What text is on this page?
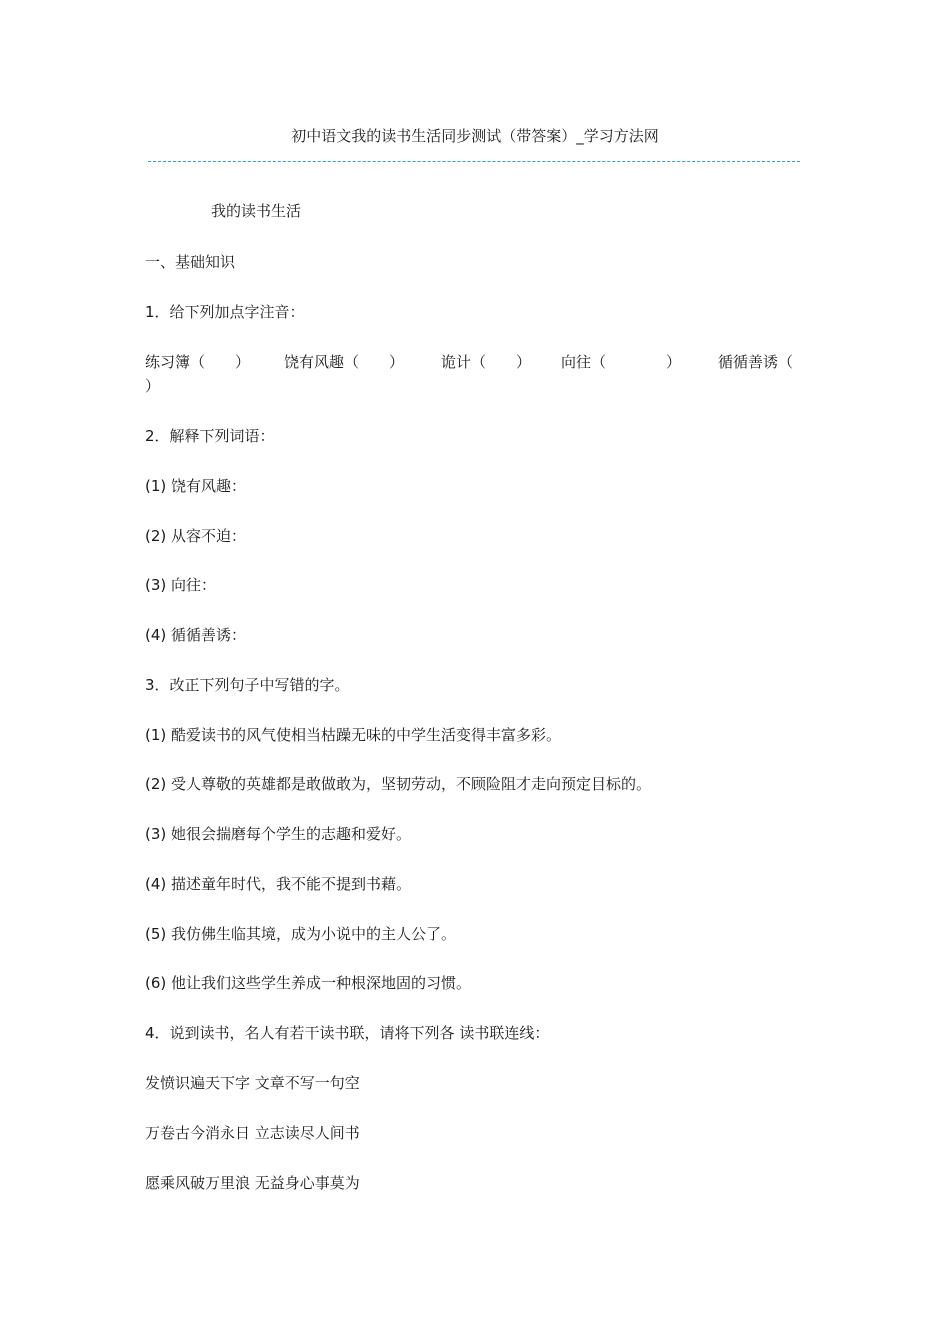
初中语文我的读书生活同步测试（带答案）_学习方法网
我的读书生活
一、基础知识
1．给下列加点字注音：
练习簿（　　） 饶有风趣（　　） 诡计（　　） 向往（　　　　） 循循善诱（
）
2．解释下列词语：
(1) 饶有风趣：
(2) 从容不迫：
(3) 向往：
(4) 循循善诱：
3．改正下列句子中写错的字。
(1) 酷爱读书的风气使相当枯躁无味的中学生活变得丰富多彩。
(2) 受人尊敬的英雄都是敢做敢为，坚韧劳动，不顾险阻才走向预定目标的。
(3) 她很会揣磨每个学生的志趣和爱好。
(4) 描述童年时代，我不能不提到书藉。
(5) 我仿佛生临其境，成为小说中的主人公了。
(6) 他让我们这些学生养成一种根深地固的习惯。
4．说到读书，名人有若干读书联，请将下列各 读书联连线：
发愤识遍天下字 文章不写一句空
万卷古今消永日 立志读尽人间书
愿乘风破万里浪 无益身心事莫为
